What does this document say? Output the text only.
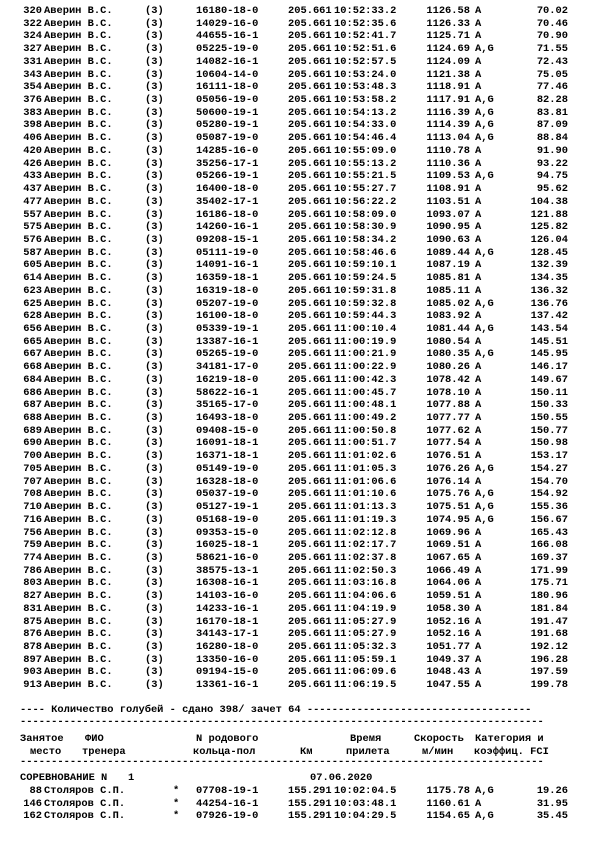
320 Аверин В.С.	(3)	16180-18-0	205.661 10:52:33.2	1126.58 A	70.02
322 Аверин В.С.	(3)	14029-16-0	205.661 10:52:35.6	1126.33 A	70.46
324 Аверин В.С.	(3)	44655-16-1	205.661 10:52:41.7	1125.71 A	70.90
327 Аверин В.С.	(3)	05225-19-0	205.661 10:52:51.6	1124.69 A,G	71.55
331 Аверин В.С.	(3)	14082-16-1	205.661 10:52:57.5	1124.09 A	72.43
343 Аверин В.С.	(3)	10604-14-0	205.661 10:53:24.0	1121.38 A	75.05
354 Аверин В.С.	(3)	16111-18-0	205.661 10:53:48.3	1118.91 A	77.46
376 Аверин В.С.	(3)	05056-19-0	205.661 10:53:58.2	1117.91 A,G	82.28
383 Аверин В.С.	(3)	50600-19-1	205.661 10:54:13.2	1116.39 A,G	83.81
398 Аверин В.С.	(3)	05280-19-1	205.661 10:54:33.0	1114.39 A,G	87.09
406 Аверин В.С.	(3)	05087-19-0	205.661 10:54:46.4	1113.04 A,G	88.84
420 Аверин В.С.	(3)	14285-16-0	205.661 10:55:09.0	1110.78 A	91.90
426 Аверин В.С.	(3)	35256-17-1	205.661 10:55:13.2	1110.36 A	93.22
433 Аверин В.С.	(3)	05266-19-1	205.661 10:55:21.5	1109.53 A,G	94.75
437 Аверин В.С.	(3)	16400-18-0	205.661 10:55:27.7	1108.91 A	95.62
477 Аверин В.С.	(3)	35402-17-1	205.661 10:56:22.2	1103.51 A	104.38
557 Аверин В.С.	(3)	16186-18-0	205.661 10:58:09.0	1093.07 A	121.88
575 Аверин В.С.	(3)	14260-16-1	205.661 10:58:30.9	1090.95 A	125.82
576 Аверин В.С.	(3)	09208-15-1	205.661 10:58:34.2	1090.63 A	126.04
587 Аверин В.С.	(3)	05111-19-0	205.661 10:58:46.6	1089.44 A,G	128.45
605 Аверин В.С.	(3)	14091-16-1	205.661 10:59:10.1	1087.19 A	132.39
614 Аверин В.С.	(3)	16359-18-1	205.661 10:59:24.5	1085.81 A	134.35
623 Аверин В.С.	(3)	16319-18-0	205.661 10:59:31.8	1085.11 A	136.32
625 Аверин В.С.	(3)	05207-19-0	205.661 10:59:32.8	1085.02 A,G	136.76
628 Аверин В.С.	(3)	16100-18-0	205.661 10:59:44.3	1083.92 A	137.42
656 Аверин В.С.	(3)	05339-19-1	205.661 11:00:10.4	1081.44 A,G	143.54
665 Аверин В.С.	(3)	13387-16-1	205.661 11:00:19.9	1080.54 A	145.51
667 Аверин В.С.	(3)	05265-19-0	205.661 11:00:21.9	1080.35 A,G	145.95
668 Аверин В.С.	(3)	34181-17-0	205.661 11:00:22.9	1080.26 A	146.17
684 Аверин В.С.	(3)	16219-18-0	205.661 11:00:42.3	1078.42 A	149.67
686 Аверин В.С.	(3)	58622-16-1	205.661 11:00:45.7	1078.10 A	150.11
687 Аверин В.С.	(3)	35165-17-0	205.661 11:00:48.1	1077.88 A	150.33
688 Аверин В.С.	(3)	16493-18-0	205.661 11:00:49.2	1077.77 A	150.55
689 Аверин В.С.	(3)	09408-15-0	205.661 11:00:50.8	1077.62 A	150.77
690 Аверин В.С.	(3)	16091-18-1	205.661 11:00:51.7	1077.54 A	150.98
700 Аверин В.С.	(3)	16371-18-1	205.661 11:01:02.6	1076.51 A	153.17
705 Аверин В.С.	(3)	05149-19-0	205.661 11:01:05.3	1076.26 A,G	154.27
707 Аверин В.С.	(3)	16328-18-0	205.661 11:01:06.6	1076.14 A	154.70
708 Аверин В.С.	(3)	05037-19-0	205.661 11:01:10.6	1075.76 A,G	154.92
710 Аверин В.С.	(3)	05127-19-1	205.661 11:01:13.3	1075.51 A,G	155.36
716 Аверин В.С.	(3)	05168-19-0	205.661 11:01:19.3	1074.95 A,G	156.67
756 Аверин В.С.	(3)	09353-15-0	205.661 11:02:12.8	1069.96 A	165.43
759 Аверин В.С.	(3)	16025-18-1	205.661 11:02:17.7	1069.51 A	166.08
774 Аверин В.С.	(3)	58621-16-0	205.661 11:02:37.8	1067.65 A	169.37
786 Аверин В.С.	(3)	38575-13-1	205.661 11:02:50.3	1066.49 A	171.99
803 Аверин В.С.	(3)	16308-16-1	205.661 11:03:16.8	1064.06 A	175.71
827 Аверин В.С.	(3)	14103-16-0	205.661 11:04:06.6	1059.51 A	180.96
831 Аверин В.С.	(3)	14233-16-1	205.661 11:04:19.9	1058.30 A	181.84
875 Аверин В.С.	(3)	16170-18-1	205.661 11:05:27.9	1052.16 A	191.47
876 Аверин В.С.	(3)	34143-17-1	205.661 11:05:27.9	1052.16 A	191.68
878 Аверин В.С.	(3)	16280-18-0	205.661 11:05:32.3	1051.77 A	192.12
897 Аверин В.С.	(3)	13350-16-0	205.661 11:05:59.1	1049.37 A	196.28
903 Аверин В.С.	(3)	09194-15-0	205.661 11:06:09.6	1048.43 A	197.59
913 Аверин В.С.	(3)	13361-16-1	205.661 11:06:19.5	1047.55 A	199.78
---- Количество голубей - сдано 398/ зачет 64 ------------------------------------
------------------------------------------------------------------------------------
Занятое ФИО	N родового	Время	Скорость Категория и
место тренера	кольца-пол	Км	прилета	м/мин коэффиц. FCI
------------------------------------------------------------------------------------
СОРЕВНОВАНИЕ N 1	07.06.2020
88 Столяров С.П.	*	07708-19-1	155.291 10:02:04.5	1175.78 A,G	19.26
146 Столяров С.П.	*	44254-16-1	155.291 10:03:48.1	1160.61 A	31.95
162 Столяров С.П.	*	07926-19-0	155.291 10:04:29.5	1154.65 A,G	35.45
